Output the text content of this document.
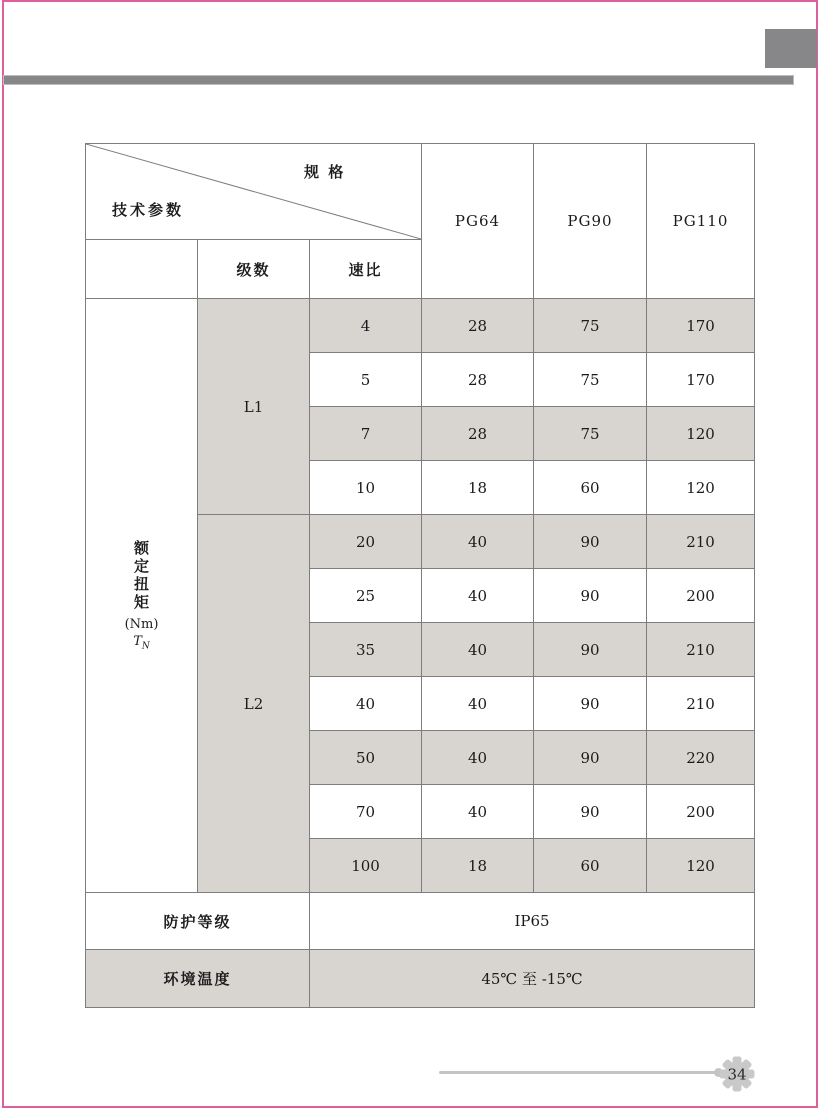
规 格
技术参数			PG64	PG90	PG110
	级数	速比			

额定扭矩
(Nm)
$T_N$	L1	4	28	75	170
		5	28	75	170
		7	28	75	120
		10	18	60	120
	L2	20	40	90	210
		25	40	90	200
		35	40	90	210
		40	40	90	210
		50	40	90	220
		70	40	90	200
		100	18	60	120
防护等级		IP65			
环境温度		45℃ 至 -15℃			
34
